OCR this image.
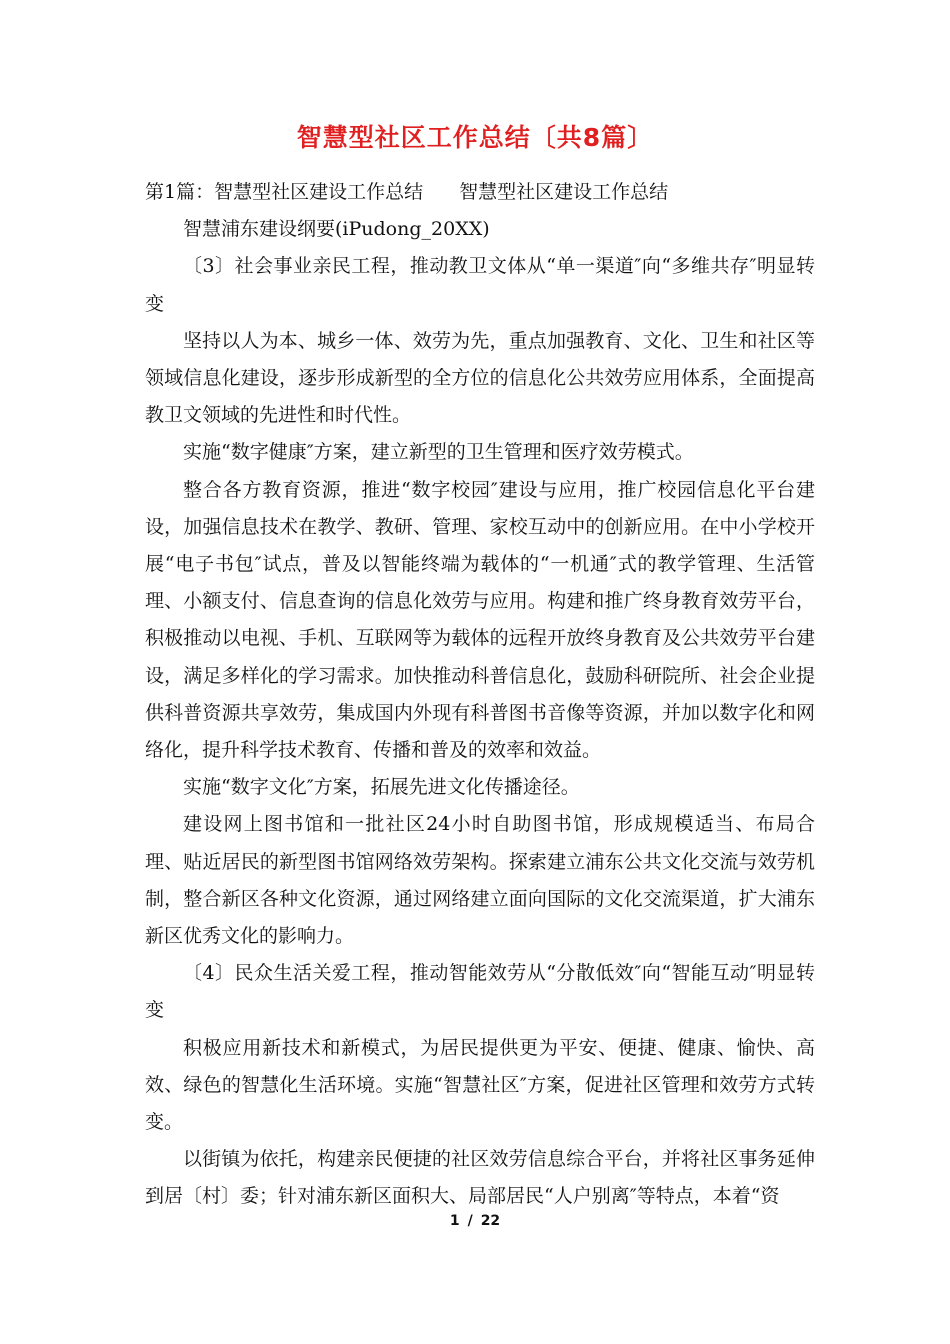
智慧型社区工作总结〔共8篇〕

第1篇：智慧型社区建设工作总结 智慧型社区建设工作总结

智慧浦东建设纲要(iPudong_20XX)

〔3〕社会事业亲民工程，推动教卫文体从“单一渠道″向“多维共存″明显转变

坚持以人为本、城乡一体、效劳为先，重点加强教育、文化、卫生和社区等领域信息化建设，逐步形成新型的全方位的信息化公共效劳应用体系，全面提高教卫文领域的先进性和时代性。

实施“数字健康″方案，建立新型的卫生管理和医疗效劳模式。

整合各方教育资源，推进“数字校园″建设与应用，推广校园信息化平台建设，加强信息技术在教学、教研、管理、家校互动中的创新应用。在中小学校开展“电子书包″试点，普及以智能终端为载体的“一机通″式的教学管理、生活管理、小额支付、信息查询的信息化效劳与应用。构建和推广终身教育效劳平台，积极推动以电视、手机、互联网等为载体的远程开放终身教育及公共效劳平台建设，满足多样化的学习需求。加快推动科普信息化，鼓励科研院所、社会企业提供科普资源共享效劳，集成国内外现有科普图书音像等资源，并加以数字化和网络化，提升科学技术教育、传播和普及的效率和效益。

实施“数字文化″方案，拓展先进文化传播途径。

建设网上图书馆和一批社区24小时自助图书馆，形成规模适当、布局合理、贴近居民的新型图书馆网络效劳架构。探索建立浦东公共文化交流与效劳机制，整合新区各种文化资源，通过网络建立面向国际的文化交流渠道，扩大浦东新区优秀文化的影响力。

〔4〕民众生活关爱工程，推动智能效劳从“分散低效″向“智能互动″明显转变

积极应用新技术和新模式，为居民提供更为平安、便捷、健康、愉快、高效、绿色的智慧化生活环境。实施“智慧社区″方案，促进社区管理和效劳方式转变。

以街镇为依托，构建亲民便捷的社区效劳信息综合平台，并将社区事务延伸到居〔村〕委；针对浦东新区面积大、局部居民“人户别离″等特点，本着“资

1 / 22
